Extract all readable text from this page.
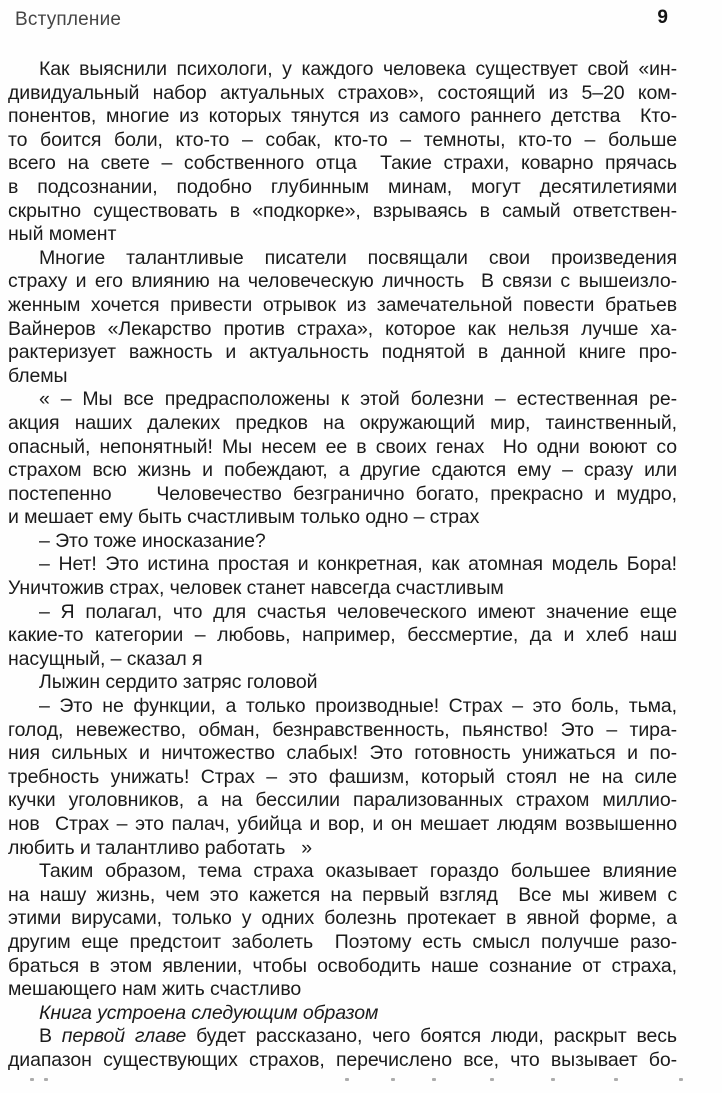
Вступление	9
Как выяснили психологи, у каждого человека существует свой «ин-
дивидуальный набор актуальных страхов», состоящий из 5–20 ком-
понентов, многие из которых тянутся из самого раннего детства  Кто-
то боится боли, кто-то – собак, кто-то – темноты, кто-то – больше
всего на свете – собственного отца  Такие страхи, коварно прячась
в подсознании, подобно глубинным минам, могут десятилетиями
скрытно существовать в «подкорке», взрываясь в самый ответствен-
ный момент
Многие талантливые писатели посвящали свои произведения
страху и его влиянию на человеческую личность  В связи с вышеизло-
женным хочется привести отрывок из замечательной повести братьев
Вайнеров «Лекарство против страха», которое как нельзя лучше ха-
рактеризует важность и актуальность поднятой в данной книге про-
блемы
« – Мы все предрасположены к этой болезни – естественная ре-
акция наших далеких предков на окружающий мир, таинственный,
опасный, непонятный! Мы несем ее в своих генах  Но одни воюют со
страхом всю жизнь и побеждают, а другие сдаются ему – сразу или
постепенно    Человечество безгранично богато, прекрасно и мудро,
и мешает ему быть счастливым только одно – страх
– Это тоже иносказание?
– Нет! Это истина простая и конкретная, как атомная модель Бора!
Уничтожив страх, человек станет навсегда счастливым
– Я полагал, что для счастья человеческого имеют значение еще
какие-то категории – любовь, например, бессмертие, да и хлеб наш
насущный, – сказал я
Лыжин сердито затряс головой
– Это не функции, а только производные! Страх – это боль, тьма,
голод, невежество, обман, безнравственность, пьянство! Это – тира-
ния сильных и ничтожество слабых! Это готовность унижаться и по-
требность унижать! Страх – это фашизм, который стоял не на силе
кучки уголовников, а на бессилии парализованных страхом миллио-
нов  Страх – это палач, убийца и вор, и он мешает людям возвышенно
любить и талантливо работать   »
Таким образом, тема страха оказывает гораздо большее влияние
на нашу жизнь, чем это кажется на первый взгляд  Все мы живем с
этими вирусами, только у одних болезнь протекает в явной форме, а
другим еще предстоит заболеть  Поэтому есть смысл получше разо-
браться в этом явлении, чтобы освободить наше сознание от страха,
мешающего нам жить счастливо
Книга устроена следующим образом
В первой главе будет рассказано, чего боятся люди, раскрыт весь
диапазон существующих страхов, перечислено все, что вызывает бо-
